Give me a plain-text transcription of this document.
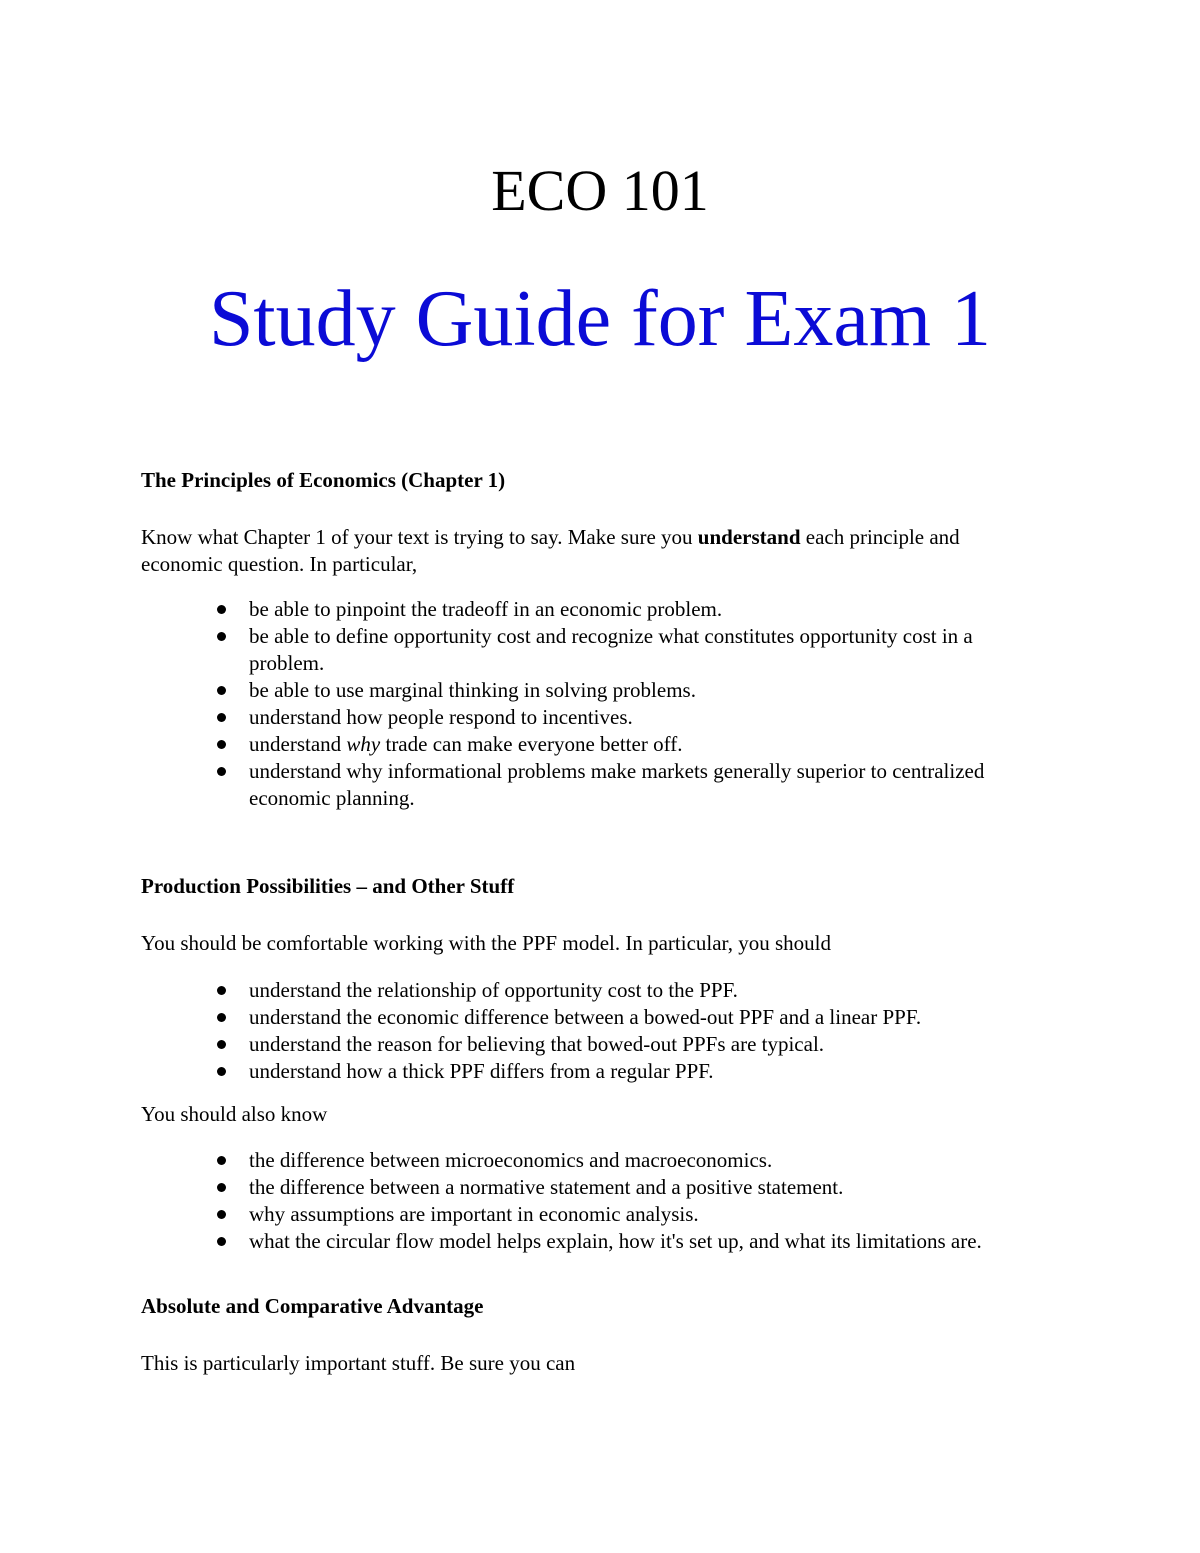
ECO 101
Study Guide for Exam 1

The Principles of Economics (Chapter 1)

Know what Chapter 1 of your text is trying to say. Make sure you understand each principle and economic question. In particular,

be able to pinpoint the tradeoff in an economic problem.
be able to define opportunity cost and recognize what constitutes opportunity cost in a problem.
be able to use marginal thinking in solving problems.
understand how people respond to incentives.
understand why trade can make everyone better off.
understand why informational problems make markets generally superior to centralized economic planning.

Production Possibilities – and Other Stuff

You should be comfortable working with the PPF model. In particular, you should

understand the relationship of opportunity cost to the PPF.
understand the economic difference between a bowed-out PPF and a linear PPF.
understand the reason for believing that bowed-out PPFs are typical.
understand how a thick PPF differs from a regular PPF.

You should also know

the difference between microeconomics and macroeconomics.
the difference between a normative statement and a positive statement.
why assumptions are important in economic analysis.
what the circular flow model helps explain, how it's set up, and what its limitations are.

Absolute and Comparative Advantage

This is particularly important stuff. Be sure you can
